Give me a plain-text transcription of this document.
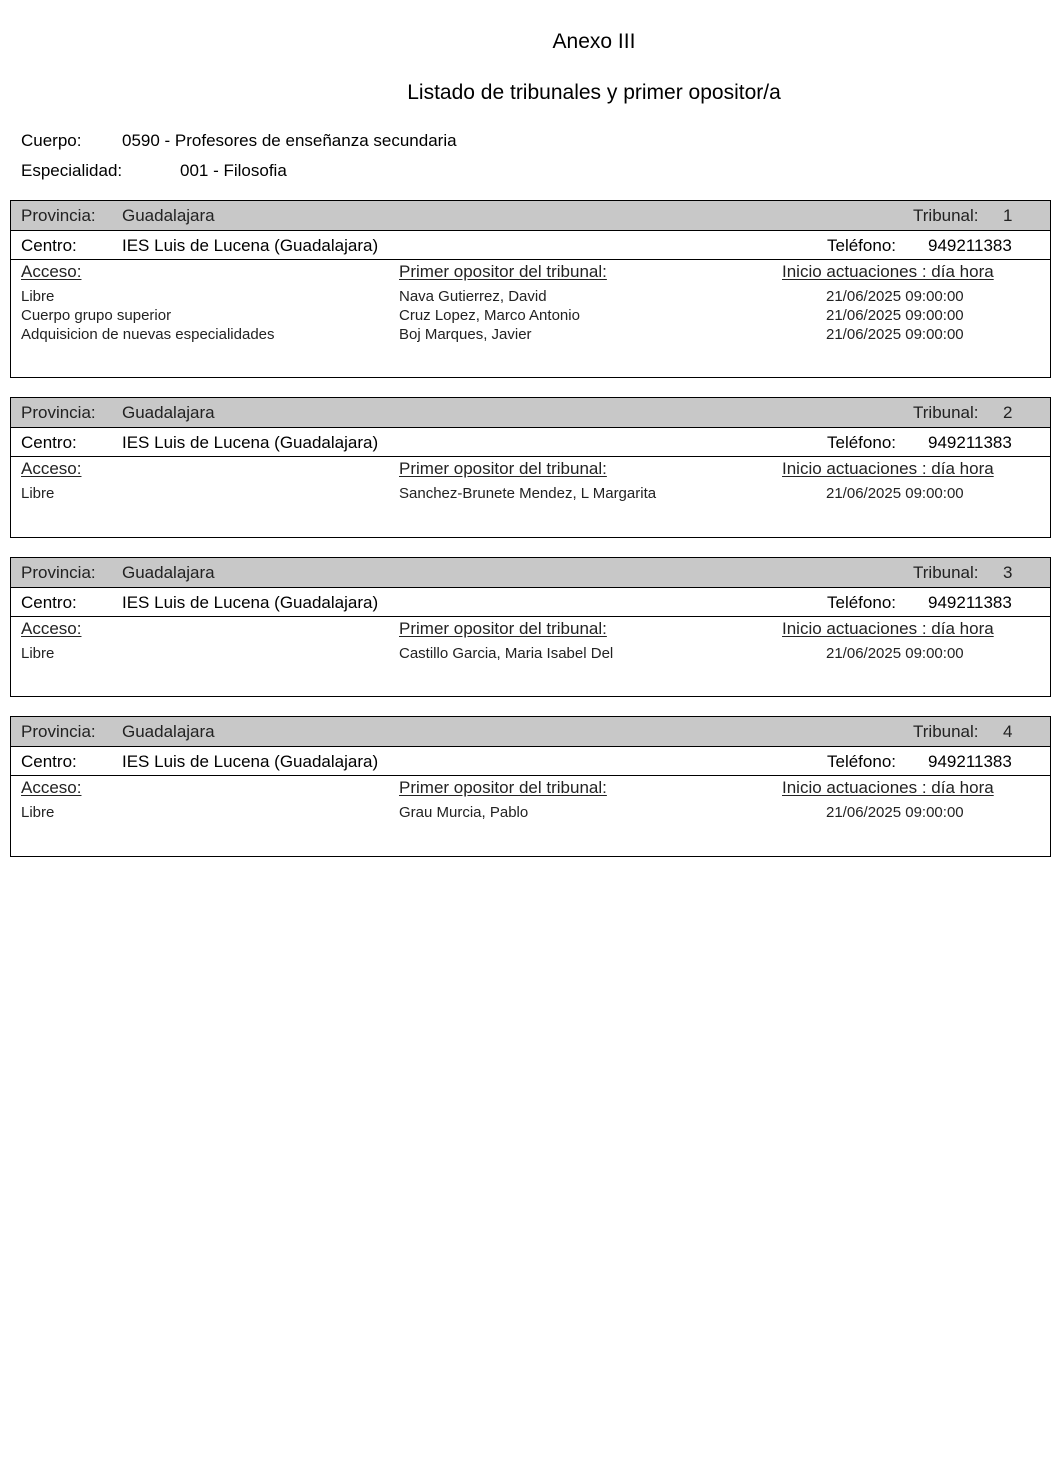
Anexo III
Listado de tribunales y primer opositor/a
Cuerpo: 0590 - Profesores de enseñanza secundaria
Especialidad:	001 - Filosofia
Provincia: Guadalajara	Tribunal: 1
Centro:	IES Luis de Lucena (Guadalajara)	Teléfono: 949211383
Acceso:	Primer opositor del tribunal:	Inicio actuaciones : día hora
Libre	Nava Gutierrez, David	21/06/2025 09:00:00
Cuerpo grupo superior	Cruz Lopez, Marco Antonio	21/06/2025 09:00:00
Adquisicion de nuevas especialidades	Boj Marques, Javier	21/06/2025 09:00:00
Provincia: Guadalajara	Tribunal: 2
Centro:	IES Luis de Lucena (Guadalajara)	Teléfono: 949211383
Acceso:	Primer opositor del tribunal:	Inicio actuaciones : día hora
Libre	Sanchez-Brunete Mendez, L Margarita	21/06/2025 09:00:00
Provincia: Guadalajara	Tribunal: 3
Centro:	IES Luis de Lucena (Guadalajara)	Teléfono: 949211383
Acceso:	Primer opositor del tribunal:	Inicio actuaciones : día hora
Libre	Castillo Garcia, Maria Isabel Del	21/06/2025 09:00:00
Provincia: Guadalajara	Tribunal: 4
Centro:	IES Luis de Lucena (Guadalajara)	Teléfono: 949211383
Acceso:	Primer opositor del tribunal:	Inicio actuaciones : día hora
Libre	Grau Murcia, Pablo	21/06/2025 09:00:00
